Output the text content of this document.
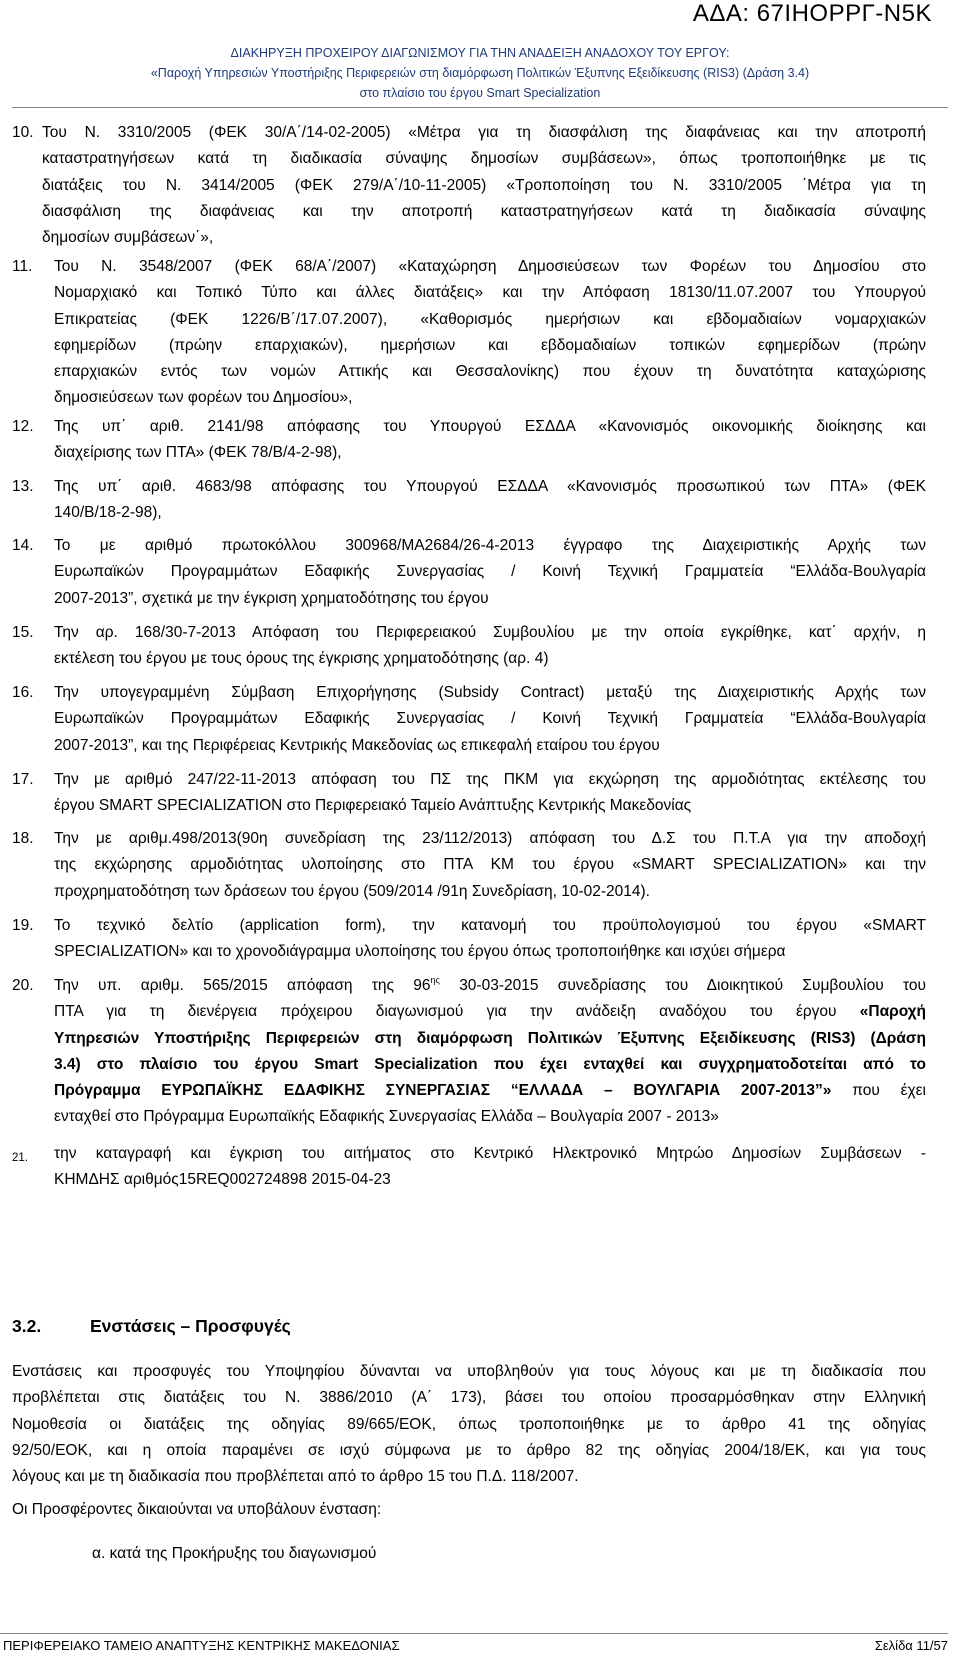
ΑΔΑ: 67ΙΗΟΡΡΓ-Ν5Κ
ΔΙΑΚΗΡΥΞΗ ΠΡΟΧΕΙΡΟΥ ΔΙΑΓΩΝΙΣΜΟΥ ΓΙΑ ΤΗΝ ΑΝΑΔΕΙΞΗ ΑΝΑΔΟΧΟΥ ΤΟΥ ΕΡΓΟΥ:
«Παροχή Υπηρεσιών Υποστήριξης Περιφερειών στη διαμόρφωση Πολιτικών Έξυπνης Εξειδίκευσης (RIS3) (Δράση 3.4)
στο πλαίσιο του έργου Smart Specialization
10. Του Ν. 3310/2005 (ΦΕΚ 30/Α΄/14-02-2005) «Μέτρα για τη διασφάλιση της διαφάνειας και την αποτροπή
καταστρατηγήσεων κατά τη διαδικασία σύναψης δημοσίων συμβάσεων», όπως τροποποιήθηκε με τις
διατάξεις του Ν. 3414/2005 (ΦΕΚ 279/Α΄/10-11-2005) «Τροποποίηση του Ν. 3310/2005 ΄Μέτρα για τη
διασφάλιση της διαφάνειας και την αποτροπή καταστρατηγήσεων κατά τη διαδικασία σύναψης
δημοσίων συμβάσεων΄»,
11. Του Ν. 3548/2007 (ΦΕΚ 68/Α΄/2007) «Καταχώρηση Δημοσιεύσεων των Φορέων του Δημοσίου στο
Νομαρχιακό και Τοπικό Τύπο και άλλες διατάξεις» και την Απόφαση 18130/11.07.2007 του Υπουργού
Επικρατείας (ΦΕΚ 1226/Β΄/17.07.2007), «Καθορισμός ημερήσιων και εβδομαδιαίων νομαρχιακών
εφημερίδων (πρώην επαρχιακών), ημερήσιων και εβδομαδιαίων τοπικών εφημερίδων (πρώην
επαρχιακών εντός των νομών Αττικής και Θεσσαλονίκης) που έχουν τη δυνατότητα καταχώρισης
δημοσιεύσεων των φορέων του Δημοσίου»,
12. Της υπ΄ αριθ. 2141/98 απόφασης του Υπουργού ΕΣΔΔΑ «Κανονισμός οικονομικής διοίκησης και
διαχείρισης των ΠΤΑ» (ΦΕΚ 78/Β/4-2-98),
13. Της υπ΄ αριθ. 4683/98 απόφασης του Υπουργού ΕΣΔΔΑ «Κανονισμός προσωπικού των ΠΤΑ» (ΦΕΚ
140/Β/18-2-98),
14. Το με αριθμό πρωτοκόλλου 300968/ΜΑ2684/26-4-2013 έγγραφο της Διαχειριστικής Αρχής των
Ευρωπαϊκών Προγραμμάτων Εδαφικής Συνεργασίας / Κοινή Τεχνική Γραμματεία “Ελλάδα-Βουλγαρία
2007-2013”, σχετικά με την έγκριση χρηματοδότησης του έργου
15. Την αρ. 168/30-7-2013 Απόφαση του Περιφερειακού Συμβουλίου με την οποία εγκρίθηκε, κατ΄ αρχήν, η
εκτέλεση του έργου με τους όρους της έγκρισης χρηματοδότησης (αρ. 4)
16. Την υπογεγραμμένη Σύμβαση Επιχορήγησης (Subsidy Contract) μεταξύ της Διαχειριστικής Αρχής των
Ευρωπαϊκών Προγραμμάτων Εδαφικής Συνεργασίας / Κοινή Τεχνική Γραμματεία “Ελλάδα-Βουλγαρία
2007-2013”, και της Περιφέρειας Κεντρικής Μακεδονίας ως επικεφαλή εταίρου του έργου
17. Την με αριθμό 247/22-11-2013 απόφαση του ΠΣ της ΠΚΜ για εκχώρηση της αρμοδιότητας εκτέλεσης του
έργου SMART SPECIALIZATION στο Περιφερειακό Ταμείο Ανάπτυξης Κεντρικής Μακεδονίας
18. Την με αριθμ.498/2013(90η συνεδρίαση της 23/112/2013) απόφαση του Δ.Σ του Π.Τ.Α για την αποδοχή
της εκχώρησης αρμοδιότητας υλοποίησης στο ΠΤΑ ΚΜ του έργου «SMART SPECIALIZATION» και την
προχρηματοδότηση των δράσεων του έργου (509/2014 /91η Συνεδρίαση, 10-02-2014).
19. Το τεχνικό δελτίο (application form), την κατανομή του προϋπολογισμού του έργου «SMART
SPECIALIZATION» και το χρονοδιάγραμμα υλοποίησης του έργου όπως τροποποιήθηκε και ισχύει σήμερα
20. Την υπ. αριθμ. 565/2015 απόφαση της $96^{\eta\varsigma}$ 30-03-2015 συνεδρίασης του Διοικητικού Συμβουλίου του
ΠΤΑ για τη διενέργεια πρόχειρου διαγωνισμού για την ανάδειξη αναδόχου του έργου «Παροχή
Υπηρεσιών Υποστήριξης Περιφερειών στη διαμόρφωση Πολιτικών Έξυπνης Εξειδίκευσης (RIS3) (Δράση
3.4) στο πλαίσιο του έργου Smart Specialization που έχει ενταχθεί και συγχρηματοδοτείται από το
Πρόγραμμα ΕΥΡΩΠΑΪΚΗΣ ΕΔΑΦΙΚΗΣ ΣΥΝΕΡΓΑΣΙΑΣ “ΕΛΛΑΔΑ – ΒΟΥΛΓΑΡΙΑ 2007-2013”» που έχει
ενταχθεί στο Πρόγραμμα Ευρωπαϊκής Εδαφικής Συνεργασίας Ελλάδα – Βουλγαρία 2007 - 2013»
21. την καταγραφή και έγκριση του αιτήματος στο Κεντρικό Ηλεκτρονικό Μητρώο Δημοσίων Συμβάσεων -
ΚΗΜΔΗΣ αριθμός15REQ002724898 2015-04-23
3.2.	Ενστάσεις – Προσφυγές
Ενστάσεις και προσφυγές του Υποψηφίου δύνανται να υποβληθούν για τους λόγους και με τη διαδικασία που
προβλέπεται στις διατάξεις του Ν. 3886/2010 (Α΄ 173), βάσει του οποίου προσαρμόσθηκαν στην Ελληνική
Νομοθεσία οι διατάξεις της οδηγίας 89/665/ΕΟΚ, όπως τροποποιήθηκε με το άρθρο 41 της οδηγίας
92/50/ΕΟΚ, και η οποία παραμένει σε ισχύ σύμφωνα με το άρθρο 82 της οδηγίας 2004/18/ΕΚ, και για τους
λόγους και με τη διαδικασία που προβλέπεται από το άρθρο 15 του Π.Δ. 118/2007.
Οι Προσφέροντες δικαιούνται να υποβάλουν ένσταση:
α. κατά της Προκήρυξης του διαγωνισμού
ΠΕΡΙΦΕΡΕΙΑΚΟ ΤΑΜΕΙΟ ΑΝΑΠΤΥΞΗΣ ΚΕΝΤΡΙΚΗΣ ΜΑΚΕΔΟΝΙΑΣ	Σελίδα 11/57
